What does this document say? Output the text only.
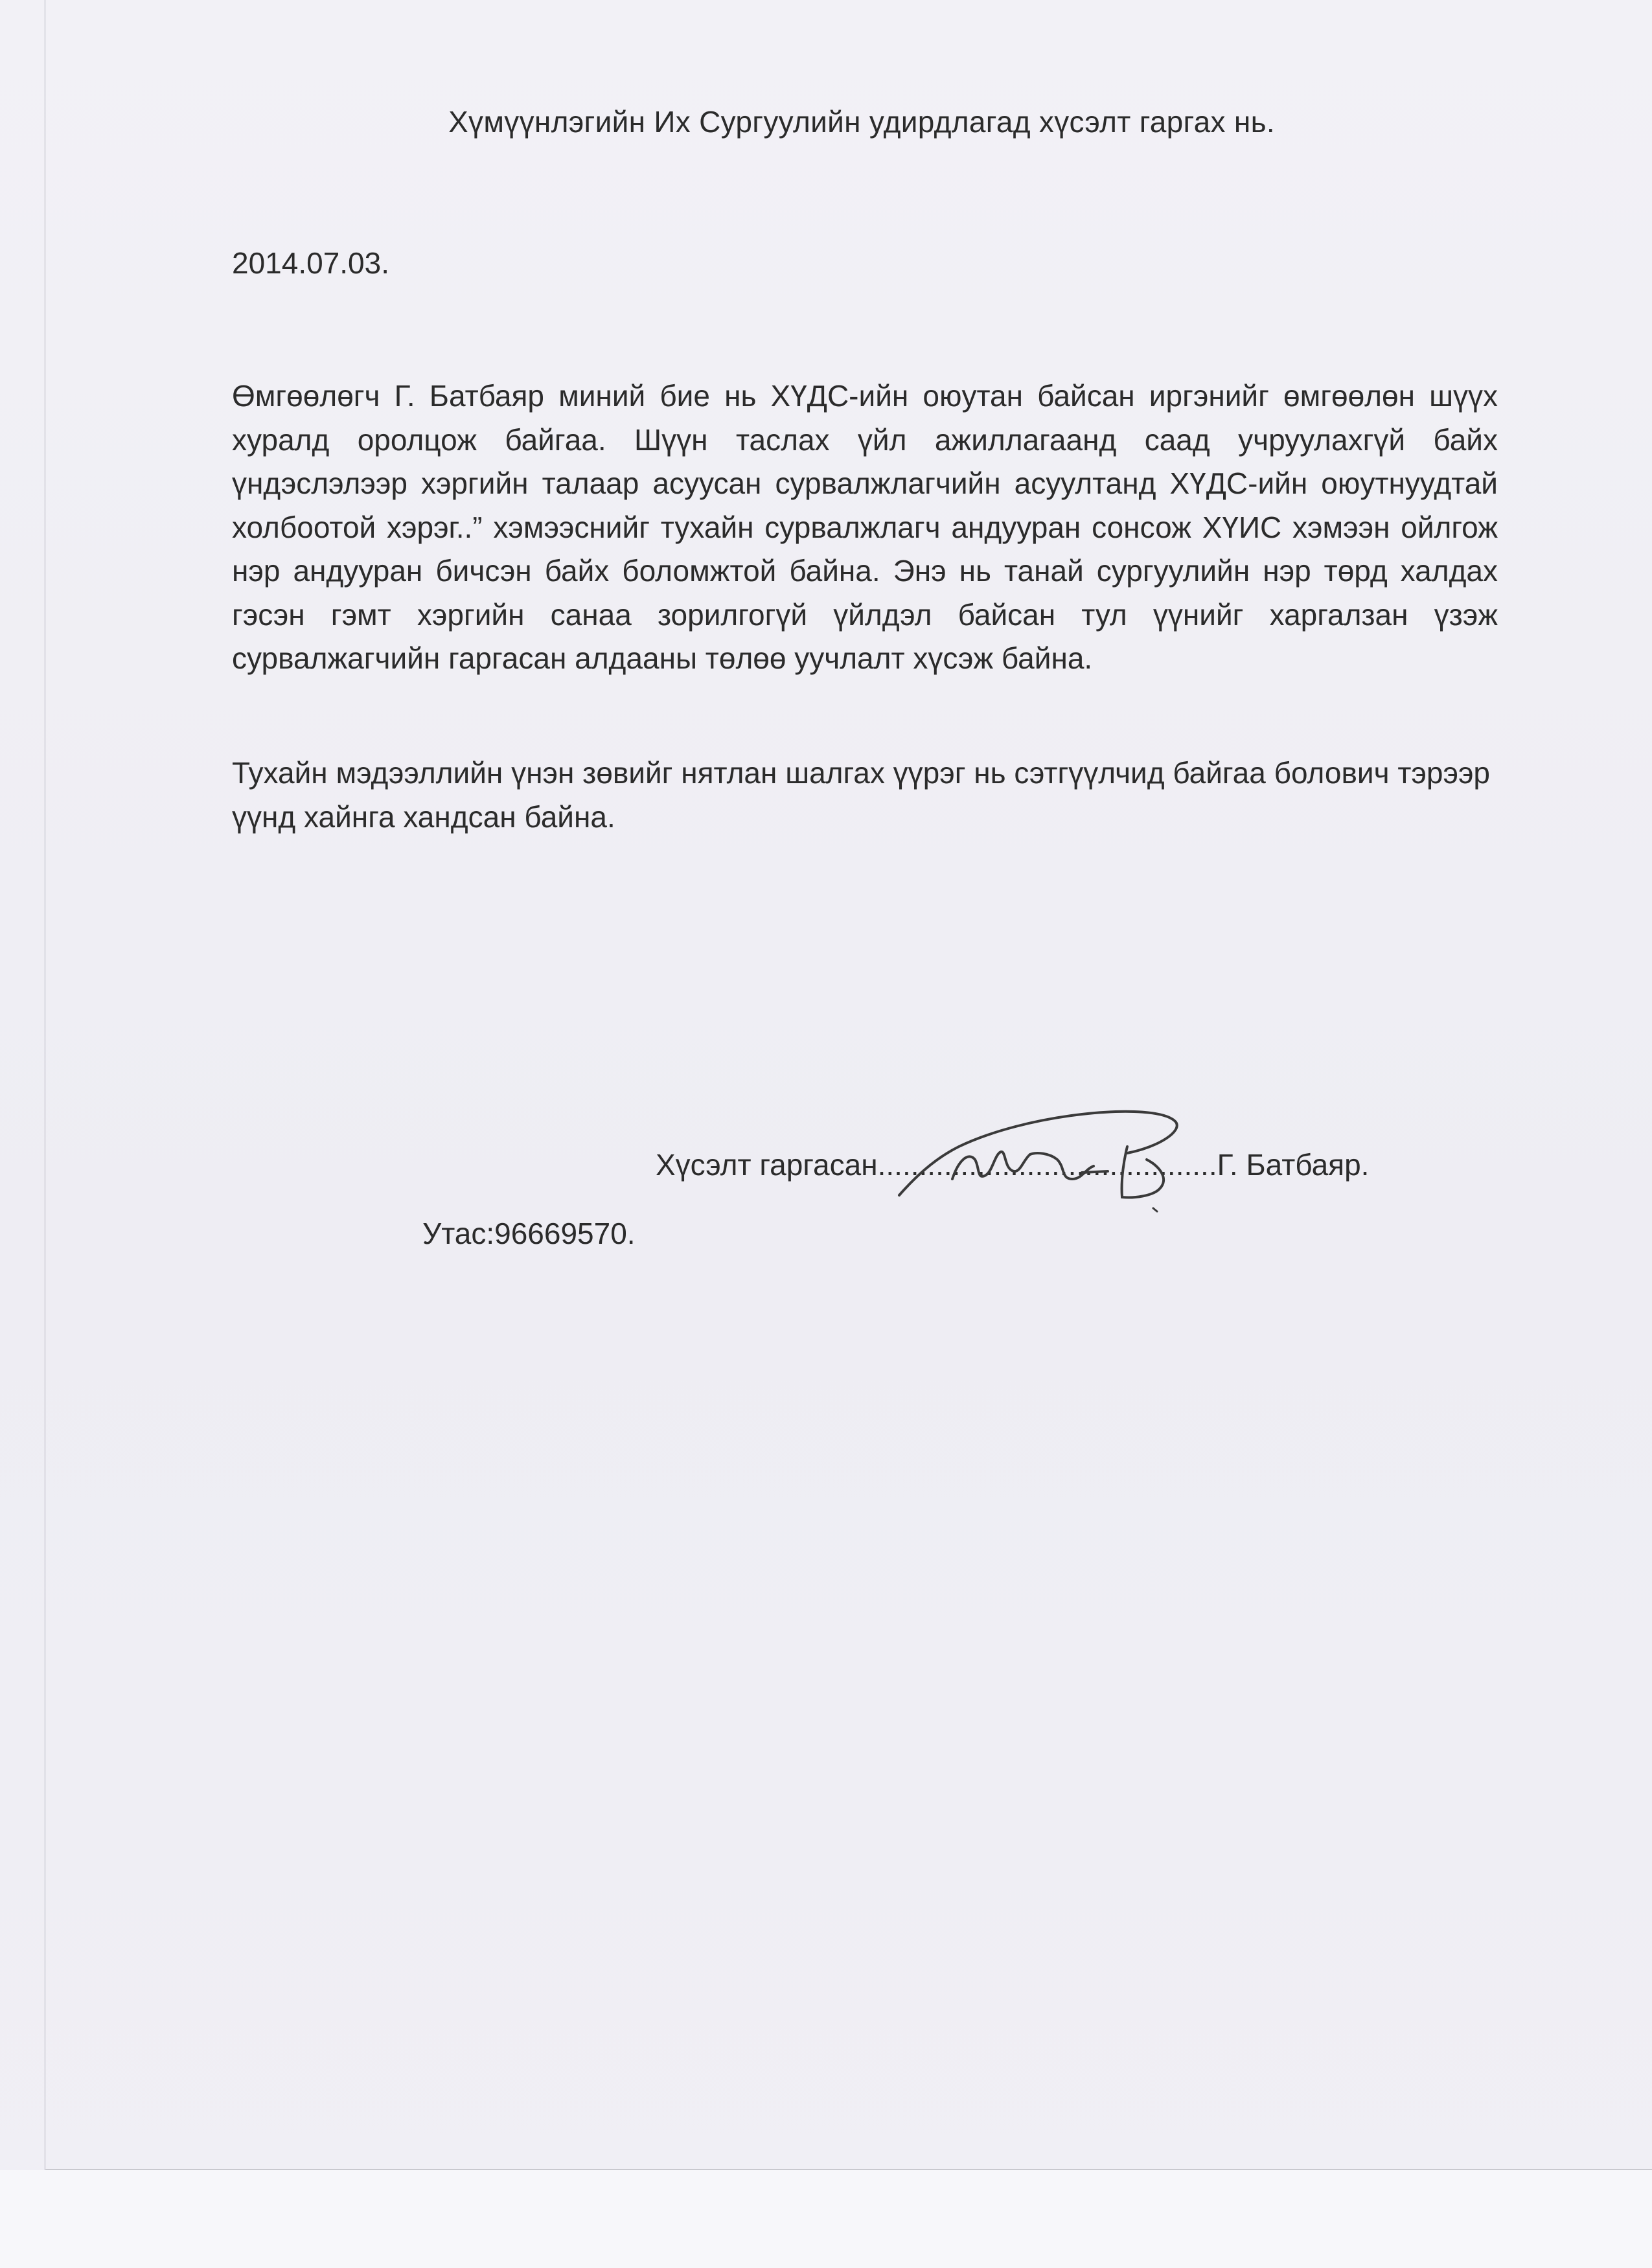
Хүмүүнлэгийн Их Сургуулийн удирдлагад хүсэлт гаргах нь.
2014.07.03.
Өмгөөлөгч Г. Батбаяр миний бие нь ХҮДС-ийн оюутан байсан иргэнийг өмгөөлөн шүүх хуралд оролцож байгаа. Шүүн таслах үйл ажиллагаанд саад учруулахгүй байх үндэслэлээр хэргийн талаар асуусан сурвалжлагчийн асуултанд ХҮДС-ийн оюутнуудтай холбоотой хэрэг..” хэмээснийг тухайн сурвалжлагч андууран сонсож ХҮИС хэмээн ойлгож нэр андууран бичсэн байх боломжтой байна. Энэ нь танай сургуулийн нэр төрд халдах гэсэн гэмт хэргийн санаа зорилгогүй үйлдэл байсан тул үүнийг харгалзан үзэж сурвалжагчийн гаргасан алдааны төлөө уучлалт хүсэж байна.
Тухайн мэдээллийн үнэн зөвийг нятлан шалгах үүрэг нь сэтгүүлчид байгаа болович тэрээр үүнд хайнга хандсан байна.
Хүсэлт гаргасан.........................................Г. Батбаяр.
Утас:96669570.
